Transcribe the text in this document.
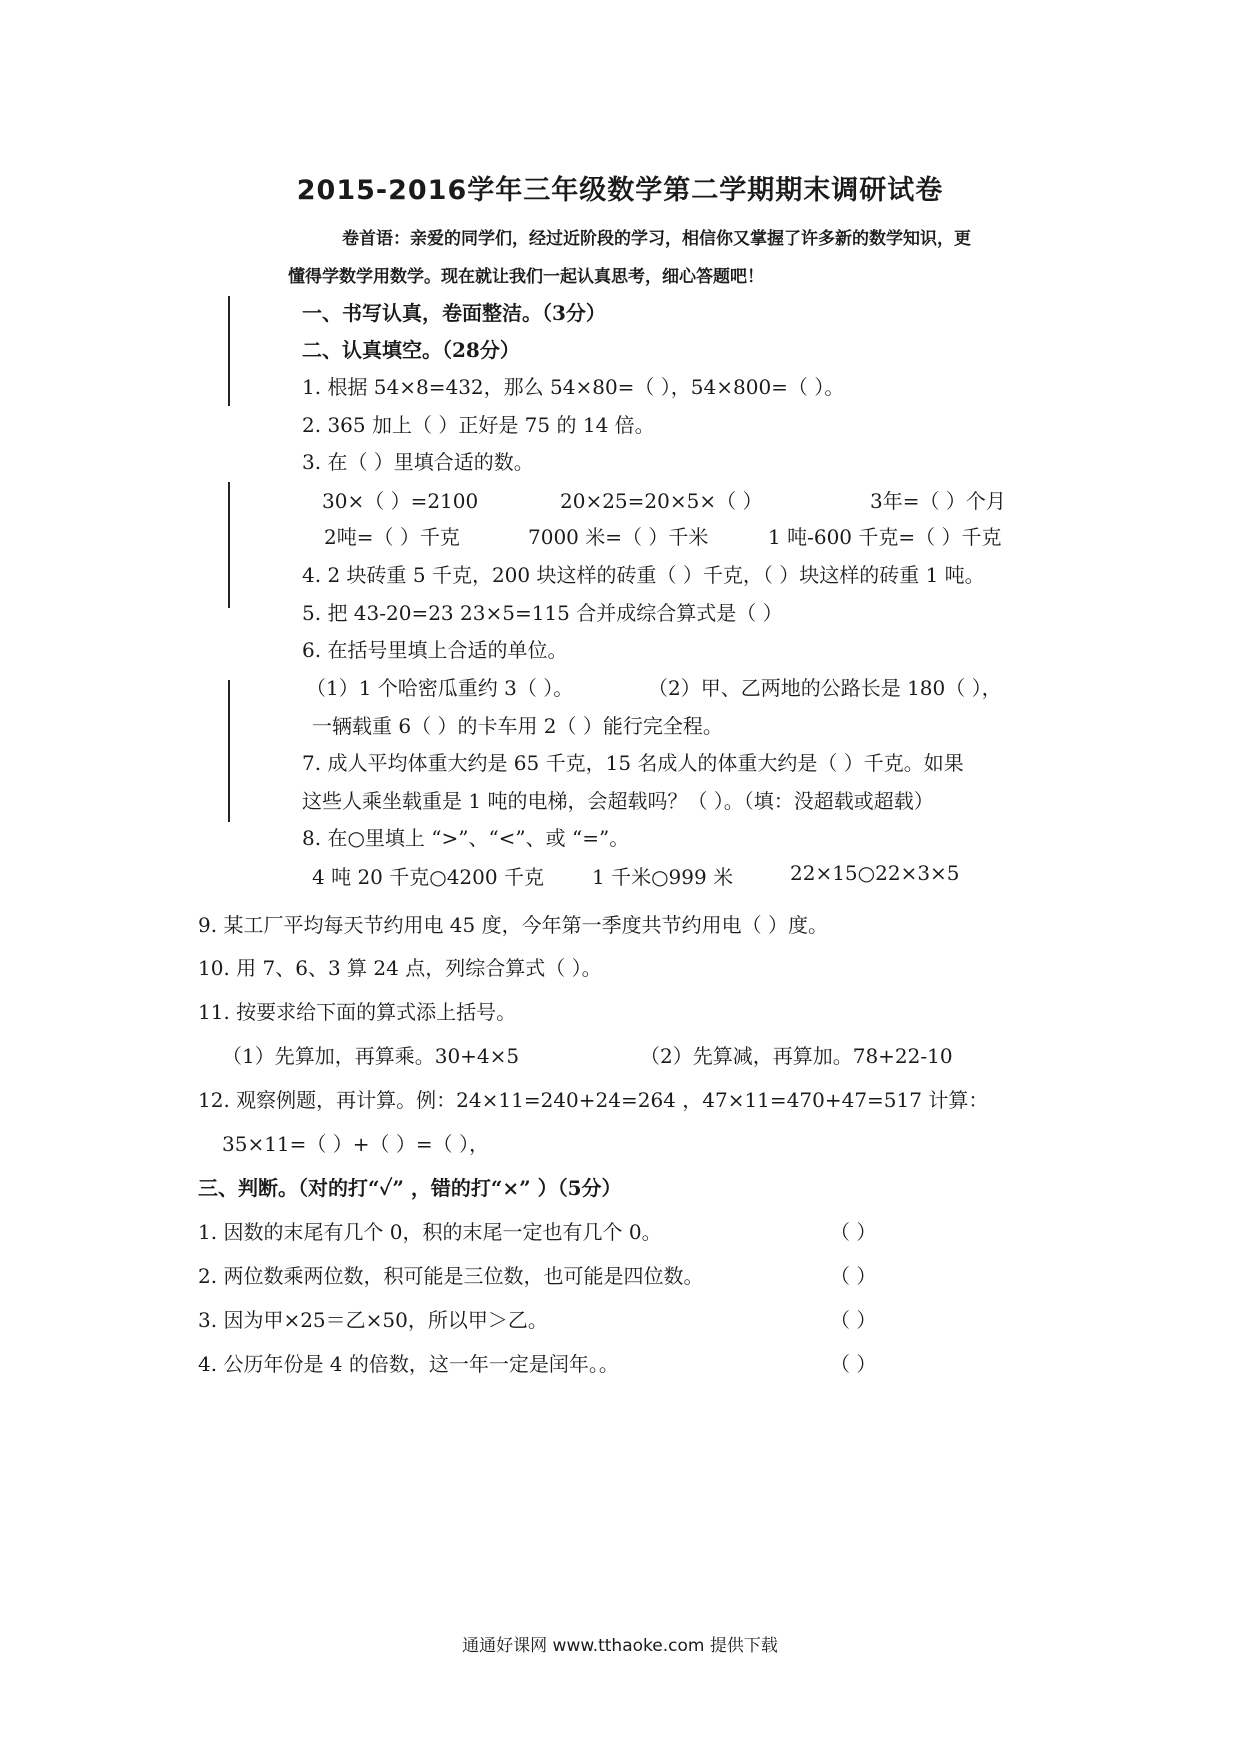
2015-2016学年三年级数学第二学期期末调研试卷
卷首语：亲爱的同学们，经过近阶段的学习，相信你又掌握了许多新的数学知识，更
懂得学数学用数学。现在就让我们一起认真思考，细心答题吧！
一、书写认真，卷面整洁。（3分）
二、认真填空。（28分）
1. 根据 54×8=432，那么 54×80=（ ），54×800=（ ）。
2. 365 加上（ ）正好是 75 的 14 倍。
3. 在（ ）里填合适的数。
30×（ ）=2100	20×25=20×5×（ ）	3年=（ ）个月
2吨=（ ）千克	7000 米=（ ）千米	1 吨-600 千克=（ ）千克
4. 2 块砖重 5 千克，200 块这样的砖重（ ）千克，（ ）块这样的砖重 1 吨。
5. 把 43-20=23 23×5=115 合并成综合算式是（ ）
6. 在括号里填上合适的单位。
（1）1 个哈密瓜重约 3（ ）。	（2）甲、乙两地的公路长是 180（ ），
一辆载重 6（ ）的卡车用 2（ ）能行完全程。
7. 成人平均体重大约是 65 千克，15 名成人的体重大约是（ ）千克。如果
这些人乘坐载重是 1 吨的电梯，会超载吗？（ ）。（填：没超载或超载）
8. 在○里填上 “>”、“<”、或 “=”。
4 吨 20 千克○4200 千克 1 千米○999 米	22×15○22×3×5
9. 某工厂平均每天节约用电 45 度，今年第一季度共节约用电（ ）度。
10. 用 7、6、3 算 24 点，列综合算式（ ）。
11. 按要求给下面的算式添上括号。
（1）先算加，再算乘。30+4×5	（2）先算减，再算加。78+22-10
12. 观察例题，再计算。例：24×11=240+24=264 ，47×11=470+47=517 计算：
35×11=（ ）+（ ）=（ ），
三、判断。（对的打“✓” ，错的打“×” ）（5分）
1. 因数的末尾有几个 0，积的末尾一定也有几个 0。	（ ）
2. 两位数乘两位数，积可能是三位数，也可能是四位数。	（ ）
3. 因为甲×25＝乙×50，所以甲＞乙。	（ ）
4. 公历年份是 4 的倍数，这一年一定是闰年。。	（ ）
通通好课网 www.tthaoke.com 提供下载
